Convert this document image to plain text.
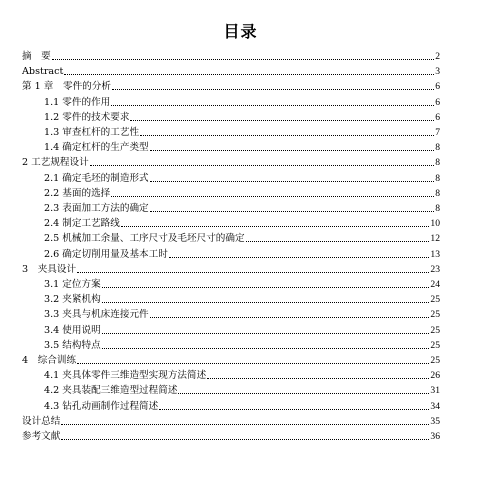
目录
摘　要	2
Abstract	3
第 1 章　零件的分析	6
1.1 零件的作用	6
1.2 零件的技术要求	6
1.3 审查杠杆的工艺性	7
1.4 确定杠杆的生产类型	8
2 工艺规程设计	8
2.1 确定毛坯的制造形式	8
2.2 基面的选择	8
2.3 表面加工方法的确定	8
2.4 制定工艺路线	10
2.5 机械加工余量、工序尺寸及毛坯尺寸的确定	12
2.6 确定切削用量及基本工时	13
3　夹具设计	23
3.1 定位方案	24
3.2 夹紧机构	25
3.3 夹具与机床连接元件	25
3.4 使用说明	25
3.5 结构特点	25
4　综合训练	25
4.1 夹具体零件三维造型实现方法简述	26
4.2 夹具装配三维造型过程简述	31
4.3 钻孔动画制作过程简述	34
设计总结	35
参考文献	36
